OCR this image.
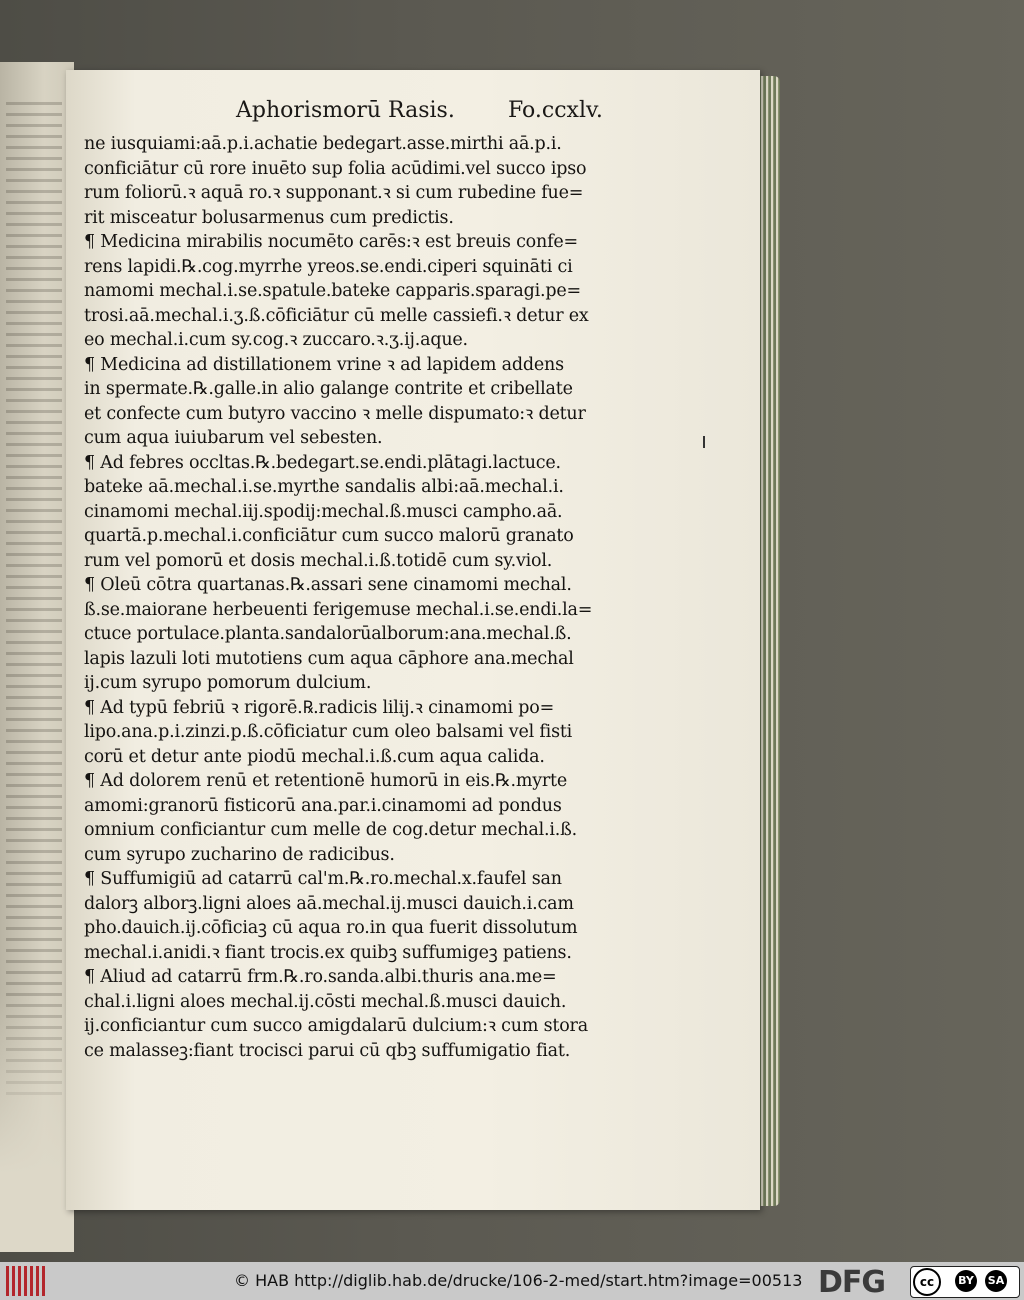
Aphorismorū Rasis. Fo.ccxlv.
ne iusquiami:aā.p.i.achatie bedegart.asse.mirthi aā.p.i.
conficiātur cū rore inuēto sup folia acūdimi.vel succo ipso
rum foliorū.ꝛ aquā ro.ꝛ supponant.ꝛ si cum rubedine fue=
rit misceatur bolusarmenus cum predictis.
¶ Medicina mirabilis nocumēto carēs:ꝛ est breuis confe=
rens lapidi.℞.cog.myrrhe yreos.se.endi.ciperi squināti ci
namomi mechal.i.se.spatule.bateke capparis.sparagi.pe=
trosi.aā.mechal.i.ʒ.ß.cōficiātur cū melle cassiefi.ꝛ detur ex
eo mechal.i.cum sy.cog.ꝛ zuccaro.ꝛ.ʒ.ij.aque.
¶ Medicina ad distillationem vrine ꝛ ad lapidem addens
in spermate.℞.galle.in alio galange contrite et cribellate
et confecte cum butyro vaccino ꝛ melle dispumato:ꝛ detur
cum aqua iuiubarum vel sebesten.
¶ Ad febres occltas.℞.bedegart.se.endi.plātagi.lactuce.
bateke aā.mechal.i.se.myrthe sandalis albi:aā.mechal.i.
cinamomi mechal.iij.spodij:mechal.ß.musci campho.aā.
quartā.p.mechal.i.conficiātur cum succo malorū granato
rum vel pomorū et dosis mechal.i.ß.totidē cum sy.viol.
¶ Oleū cōtra quartanas.℞.assari sene cinamomi mechal.
ß.se.maiorane herbeuenti ferigemuse mechal.i.se.endi.la=
ctuce portulace.planta.sandalorūalborum:ana.mechal.ß.
lapis lazuli loti mutotiens cum aqua cāphore ana.mechal
ij.cum syrupo pomorum dulcium.
¶ Ad typū febriū ꝛ rigorē.℞.radicis lilij.ꝛ cinamomi po=
lipo.ana.p.i.zinzi.p.ß.cōficiatur cum oleo balsami vel fisti
corū et detur ante piodū mechal.i.ß.cum aqua calida.
¶ Ad dolorem renū et retentionē humorū in eis.℞.myrte
amomi:granorū fisticorū ana.par.i.cinamomi ad pondus
omnium conficiantur cum melle de cog.detur mechal.i.ß.
cum syrupo zucharino de radicibus.
¶ Suffumigiū ad catarrū cal'm.℞.ro.mechal.x.faufel san
dalorꝫ alborꝫ.ligni aloes aā.mechal.ij.musci dauich.i.cam
pho.dauich.ij.cōficiaꝫ cū aqua ro.in qua fuerit dissolutum
mechal.i.anidi.ꝛ fiant trocis.ex quibꝫ suffumigeꝫ patiens.
¶ Aliud ad catarrū frm.℞.ro.sanda.albi.thuris ana.me=
chal.i.ligni aloes mechal.ij.cōsti mechal.ß.musci dauich.
ij.conficiantur cum succo amigdalarū dulcium:ꝛ cum stora
ce malasseꝫ:fiant trocisci parui cū qbꝫ suffumigatio fiat.
© HAB http://diglib.hab.de/drucke/106-2-med/start.htm?image=00513 DFG	cc	BY SA
